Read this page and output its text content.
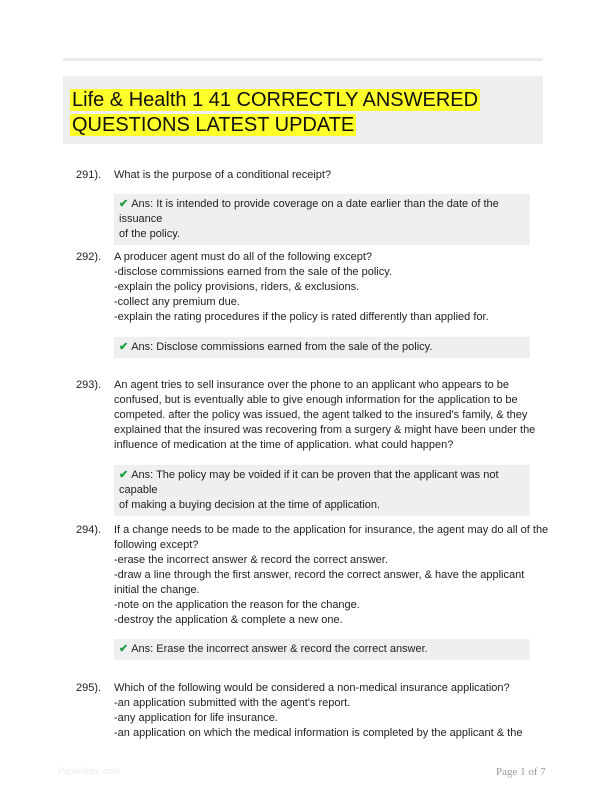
Life & Health 1 41 CORRECTLY ANSWERED QUESTIONS LATEST UPDATE
291). What is the purpose of a conditional receipt?
✔ Ans: It is intended to provide coverage on a date earlier than the date of the issuance
of the policy.
292). A producer agent must do all of the following except?
-disclose commissions earned from the sale of the policy.
-explain the policy provisions, riders, & exclusions.
-collect any premium due.
-explain the rating procedures if the policy is rated differently than applied for.
✔ Ans: Disclose commissions earned from the sale of the policy.
293). An agent tries to sell insurance over the phone to an applicant who appears to be
confused, but is eventually able to give enough information for the application to be
competed. after the policy was issued, the agent talked to the insured's family, & they
explained that the insured was recovering from a surgery & might have been under the
influence of medication at the time of application. what could happen?
✔ Ans: The policy may be voided if it can be proven that the applicant was not capable
of making a buying decision at the time of application.
294). If a change needs to be made to the application for insurance, the agent may do all of the
following except?
-erase the incorrect answer & record the correct answer.
-draw a line through the first answer, record the correct answer, & have the applicant
initial the change.
-note on the application the reason for the change.
-destroy the application & complete a new one.
✔ Ans: Erase the incorrect answer & record the correct answer.
295). Which of the following would be considered a non-medical insurance application?
-an application submitted with the agent's report.
-any application for life insurance.
-an application on which the medical information is completed by the applicant & the
Paperlibtic.com	Page 1 of 7
